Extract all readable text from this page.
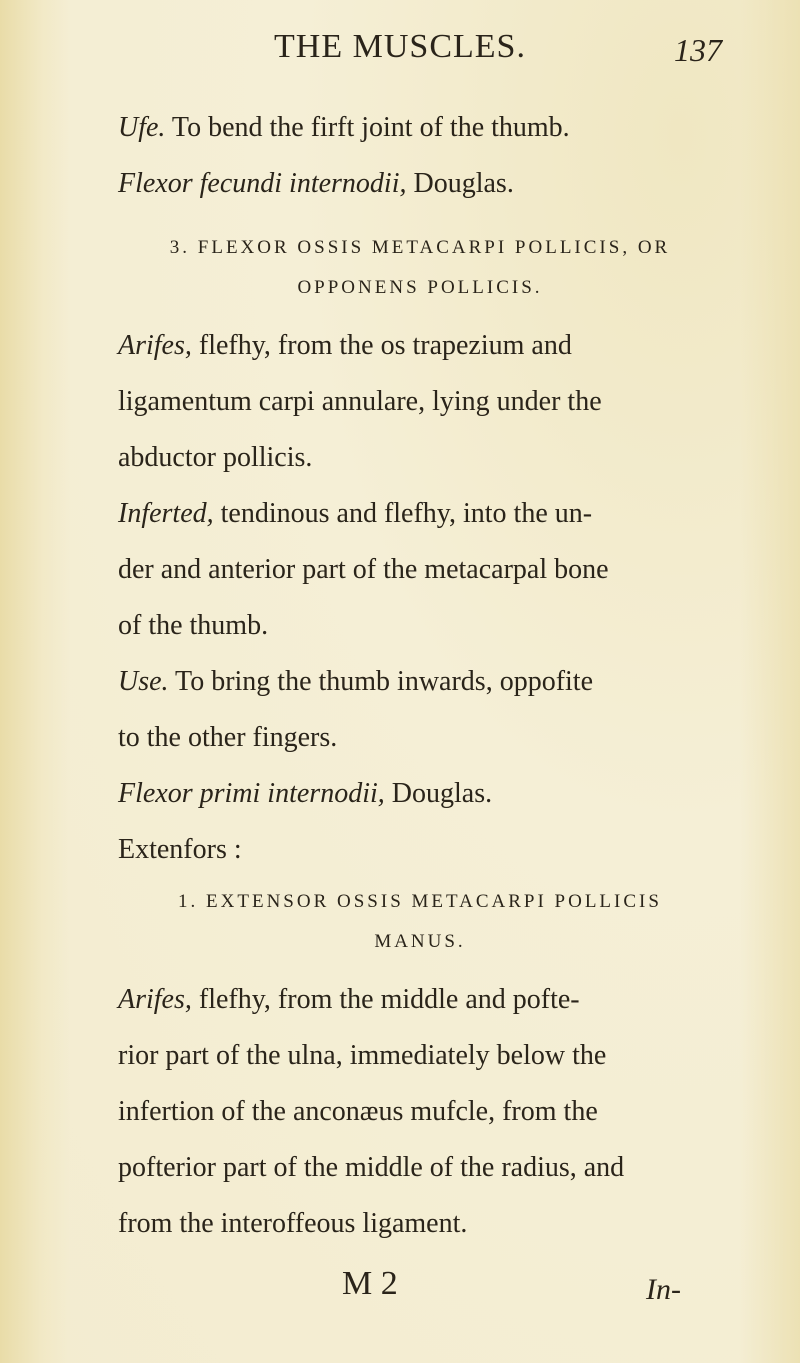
THE MUSCLES.	137
Ufe. To bend the firft joint of the thumb.
Flexor fecundi internodii, Douglas.
3. FLEXOR OSSIS METACARPI POLLICIS, OR
OPPONENS POLLICIS.
Arifes, flefhy, from the os trapezium and
ligamentum carpi annulare, lying under the
abductor pollicis.
Inferted, tendinous and flefhy, into the un-
der and anterior part of the metacarpal bone
of the thumb.
Use. To bring the thumb inwards, oppofite
to the other fingers.
Flexor primi internodii, Douglas.
Extenfors :
1. EXTENSOR OSSIS METACARPI POLLICIS
MANUS.
Arifes, flefhy, from the middle and pofte-
rior part of the ulna, immediately below the
infertion of the anconæus mufcle, from the
pofterior part of the middle of the radius, and
from the interoffeous ligament.
M 2	In-
